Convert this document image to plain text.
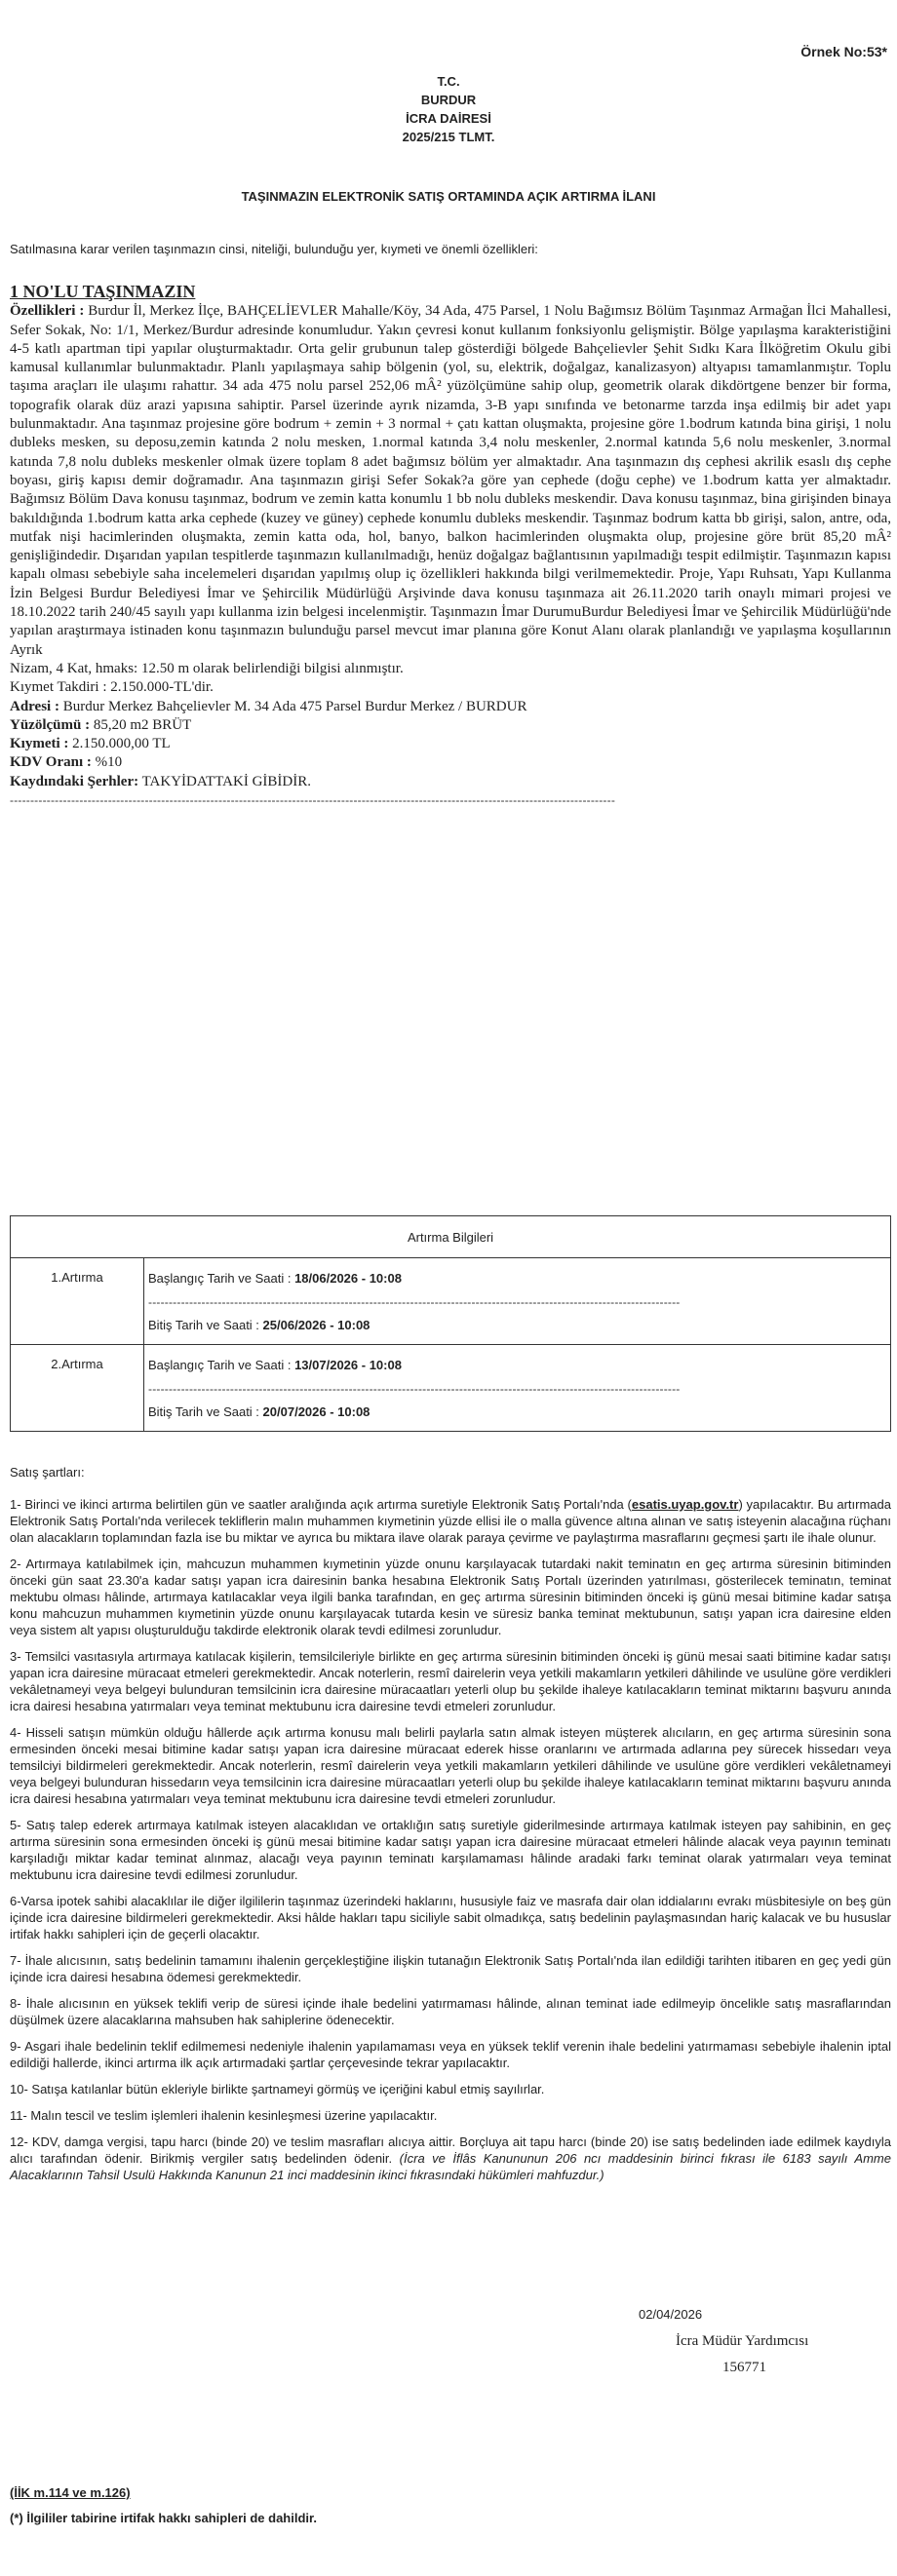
Örnek No:53*
T.C.
BURDUR
İCRA DAİRESİ
2025/215 TLMT.
TAŞINMAZIN ELEKTRONİK SATIŞ ORTAMINDA AÇIK ARTIRMA İLANI
Satılmasına karar verilen taşınmazın cinsi, niteliği, bulunduğu yer, kıymeti ve önemli özellikleri:
1 NO'LU TAŞINMAZIN

Özellikleri : Burdur İl, Merkez İlçe, BAHÇELİEVLER Mahalle/Köy, 34 Ada, 475 Parsel, 1 Nolu Bağımsız Bölüm Taşınmaz Armağan İlci Mahallesi, Sefer Sokak, No: 1/1, Merkez/Burdur adresinde konumludur. Yakın çevresi konut kullanım fonksiyonlu gelişmiştir. Bölge yapılaşma karakteristiğini 4-5 katlı apartman tipi yapılar oluşturmaktadır. Orta gelir grubunun talep gösterdiği bölgede Bahçelievler Şehit Sıdkı Kara İlköğretim Okulu gibi kamusal kullanımlar bulunmaktadır. Planlı yapılaşmaya sahip bölgenin (yol, su, elektrik, doğalgaz, kanalizasyon) altyapısı tamamlanmıştır. Toplu taşıma araçları ile ulaşımı rahattır. 34 ada 475 nolu parsel 252,06 mÂ² yüzölçümüne sahip olup, geometrik olarak dikdörtgene benzer bir forma, topografik olarak düz arazi yapısına sahiptir. Parsel üzerinde ayrık nizamda, 3-B yapı sınıfında ve betonarme tarzda inşa edilmiş bir adet yapı bulunmaktadır. Ana taşınmaz projesine göre bodrum + zemin + 3 normal + çatı kattan oluşmakta, projesine göre 1.bodrum katında bina girişi, 1 nolu dubleks mesken, su deposu,zemin katında 2 nolu mesken, 1.normal katında 3,4 nolu meskenler, 2.normal katında 5,6 nolu meskenler, 3.normal katında 7,8 nolu dubleks meskenler olmak üzere toplam 8 adet bağımsız bölüm yer almaktadır. Ana taşınmazın dış cephesi akrilik esaslı dış cephe boyası, giriş kapısı demir doğramadır. Ana taşınmazın girişi Sefer Sokak?a göre yan cephede (doğu cephe) ve 1.bodrum katta yer almaktadır. Bağımsız Bölüm Dava konusu taşınmaz, bodrum ve zemin katta konumlu 1 bb nolu dubleks meskendir. Dava konusu taşınmaz, bina girişinden binaya bakıldığında 1.bodrum katta arka cephede (kuzey ve güney) cephede konumlu dubleks meskendir. Taşınmaz bodrum katta bb girişi, salon, antre, oda, mutfak nişi hacimlerinden oluşmakta, zemin katta oda, hol, banyo, balkon hacimlerinden oluşmakta olup, projesine göre brüt 85,20 mÂ² genişliğindedir. Dışarıdan yapılan tespitlerde taşınmazın kullanılmadığı, henüz doğalgaz bağlantısının yapılmadığı tespit edilmiştir. Taşınmazın kapısı kapalı olması sebebiyle saha incelemeleri dışarıdan yapılmış olup iç özellikleri hakkında bilgi verilmemektedir. Proje, Yapı Ruhsatı, Yapı Kullanma İzin Belgesi Burdur Belediyesi İmar ve Şehircilik Müdürlüğü Arşivinde dava konusu taşınmaza ait 26.11.2020 tarih onaylı mimari projesi ve 18.10.2022 tarih 240/45 sayılı yapı kullanma izin belgesi incelenmiştir. Taşınmazın İmar DurumuBurdur Belediyesi İmar ve Şehircilik Müdürlüğü'nde yapılan araştırmaya istinaden konu taşınmazın bulunduğu parsel mevcut imar planına göre Konut Alanı olarak planlandığı ve yapılaşma koşullarının Ayrık

Nizam, 4 Kat, hmaks: 12.50 m olarak belirlendiği bilgisi alınmıştır.
Kıymet Takdiri : 2.150.000-TL'dir.
Adresi : Burdur Merkez Bahçelievler M. 34 Ada 475 Parsel Burdur Merkez / BURDUR
Yüzölçümü : 85,20 m2 BRÜT
Kıymeti : 2.150.000,00 TL
KDV Oranı : %10
Kaydındaki Şerhler: TAKYİDATTAKİ GİBİDİR.
----------------------------------------------------------------------------------------------------------------------------------------------------
Artırma Bilgileri	
1.Artırma	Başlangıç Tarih ve Saati : 18/06/2026 - 10:08
----------------------------------------------------------------------------------------------------------------------------------
Bitiş Tarih ve Saati : 25/06/2026 - 10:08

2.Artırma	Başlangıç Tarih ve Saati : 13/07/2026 - 10:08
----------------------------------------------------------------------------------------------------------------------------------
Bitiş Tarih ve Saati : 20/07/2026 - 10:08
Satış şartları:

1- Birinci ve ikinci artırma belirtilen gün ve saatler aralığında açık artırma suretiyle Elektronik Satış Portalı'nda (esatis.uyap.gov.tr) yapılacaktır. Bu artırmada Elektronik Satış Portalı'nda verilecek tekliflerin malın muhammen kıymetinin yüzde ellisi ile o malla güvence altına alınan ve satış isteyenin alacağına rüçhanı olan alacakların toplamından fazla ise bu miktar ve ayrıca bu miktara ilave olarak paraya çevirme ve paylaştırma masraflarını geçmesi şartı ile ihale olunur.

2- Artırmaya katılabilmek için, mahcuzun muhammen kıymetinin yüzde onunu karşılayacak tutardaki nakit teminatın en geç artırma süresinin bitiminden önceki gün saat 23.30'a kadar satışı yapan icra dairesinin banka hesabına Elektronik Satış Portalı üzerinden yatırılması, gösterilecek teminatın, teminat mektubu olması hâlinde, artırmaya katılacaklar veya ilgili banka tarafından, en geç artırma süresinin bitiminden önceki iş günü mesai bitimine kadar satışa konu mahcuzun muhammen kıymetinin yüzde onunu karşılayacak tutarda kesin ve süresiz banka teminat mektubunun, satışı yapan icra dairesine elden veya sistem alt yapısı oluşturulduğu takdirde elektronik olarak tevdi edilmesi zorunludur.

3- Temsilci vasıtasıyla artırmaya katılacak kişilerin, temsilcileriyle birlikte en geç artırma süresinin bitiminden önceki iş günü mesai saati bitimine kadar satışı yapan icra dairesine müracaat etmeleri gerekmektedir. Ancak noterlerin, resmî dairelerin veya yetkili makamların yetkileri dâhilinde ve usulüne göre verdikleri vekâletnameyi veya belgeyi bulunduran temsilcinin icra dairesine müracaatları yeterli olup bu şekilde ihaleye katılacakların teminat miktarını başvuru anında icra dairesi hesabına yatırmaları veya teminat mektubunu icra dairesine tevdi etmeleri zorunludur.

4- Hisseli satışın mümkün olduğu hâllerde açık artırma konusu malı belirli paylarla satın almak isteyen müşterek alıcıların, en geç artırma süresinin sona ermesinden önceki mesai bitimine kadar satışı yapan icra dairesine müracaat ederek hisse oranlarını ve artırmada adlarına pey sürecek hissedarı veya temsilciyi bildirmeleri gerekmektedir. Ancak noterlerin, resmî dairelerin veya yetkili makamların yetkileri dâhilinde ve usulüne göre verdikleri vekâletnameyi veya belgeyi bulunduran hissedarın veya temsilcinin icra dairesine müracaatları yeterli olup bu şekilde ihaleye katılacakların teminat miktarını başvuru anında icra dairesi hesabına yatırmaları veya teminat mektubunu icra dairesine tevdi etmeleri zorunludur.

5- Satış talep ederek artırmaya katılmak isteyen alacaklıdan ve ortaklığın satış suretiyle giderilmesinde artırmaya katılmak isteyen pay sahibinin, en geç artırma süresinin sona ermesinden önceki iş günü mesai bitimine kadar satışı yapan icra dairesine müracaat etmeleri hâlinde alacak veya payının teminatı karşıladığı miktar kadar teminat alınmaz, alacağı veya payının teminatı karşılamaması hâlinde aradaki farkı teminat olarak yatırmaları veya teminat mektubunu icra dairesine tevdi edilmesi zorunludur.

6-Varsa ipotek sahibi alacaklılar ile diğer ilgililerin taşınmaz üzerindeki haklarını, hususiyle faiz ve masrafa dair olan iddialarını evrakı müsbitesiyle on beş gün içinde icra dairesine bildirmeleri gerekmektedir. Aksi hâlde hakları tapu siciliyle sabit olmadıkça, satış bedelinin paylaşmasından hariç kalacak ve bu hususlar irtifak hakkı sahipleri için de geçerli olacaktır.

7- İhale alıcısının, satış bedelinin tamamını ihalenin gerçekleştiğine ilişkin tutanağın Elektronik Satış Portalı'nda ilan edildiği tarihten itibaren en geç yedi gün içinde icra dairesi hesabına ödemesi gerekmektedir.

8- İhale alıcısının en yüksek teklifi verip de süresi içinde ihale bedelini yatırmaması hâlinde, alınan teminat iade edilmeyip öncelikle satış masraflarından düşülmek üzere alacaklarına mahsuben hak sahiplerine ödenecektir.

9- Asgari ihale bedelinin teklif edilmemesi nedeniyle ihalenin yapılamaması veya en yüksek teklif verenin ihale bedelini yatırmaması sebebiyle ihalenin iptal edildiği hallerde, ikinci artırma ilk açık artırmadaki şartlar çerçevesinde tekrar yapılacaktır.

10- Satışa katılanlar bütün ekleriyle birlikte şartnameyi görmüş ve içeriğini kabul etmiş sayılırlar.

11- Malın tescil ve teslim işlemleri ihalenin kesinleşmesi üzerine yapılacaktır.

12- KDV, damga vergisi, tapu harcı (binde 20) ve teslim masrafları alıcıya aittir. Borçluya ait tapu harcı (binde 20) ise satış bedelinden iade edilmek kaydıyla alıcı tarafından ödenir. Birikmiş vergiler satış bedelinden ödenir. (İcra ve İflâs Kanununun 206 ncı maddesinin birinci fıkrası ile 6183 sayılı Amme Alacaklarının Tahsil Usulü Hakkında Kanunun 21 inci maddesinin ikinci fıkrasındaki hükümleri mahfuzdur.)

02/04/2026
İcra Müdür Yardımcısı
156771
(İİK m.114 ve m.126)
(*) İlgililer tabirine irtifak hakkı sahipleri de dahildir.
